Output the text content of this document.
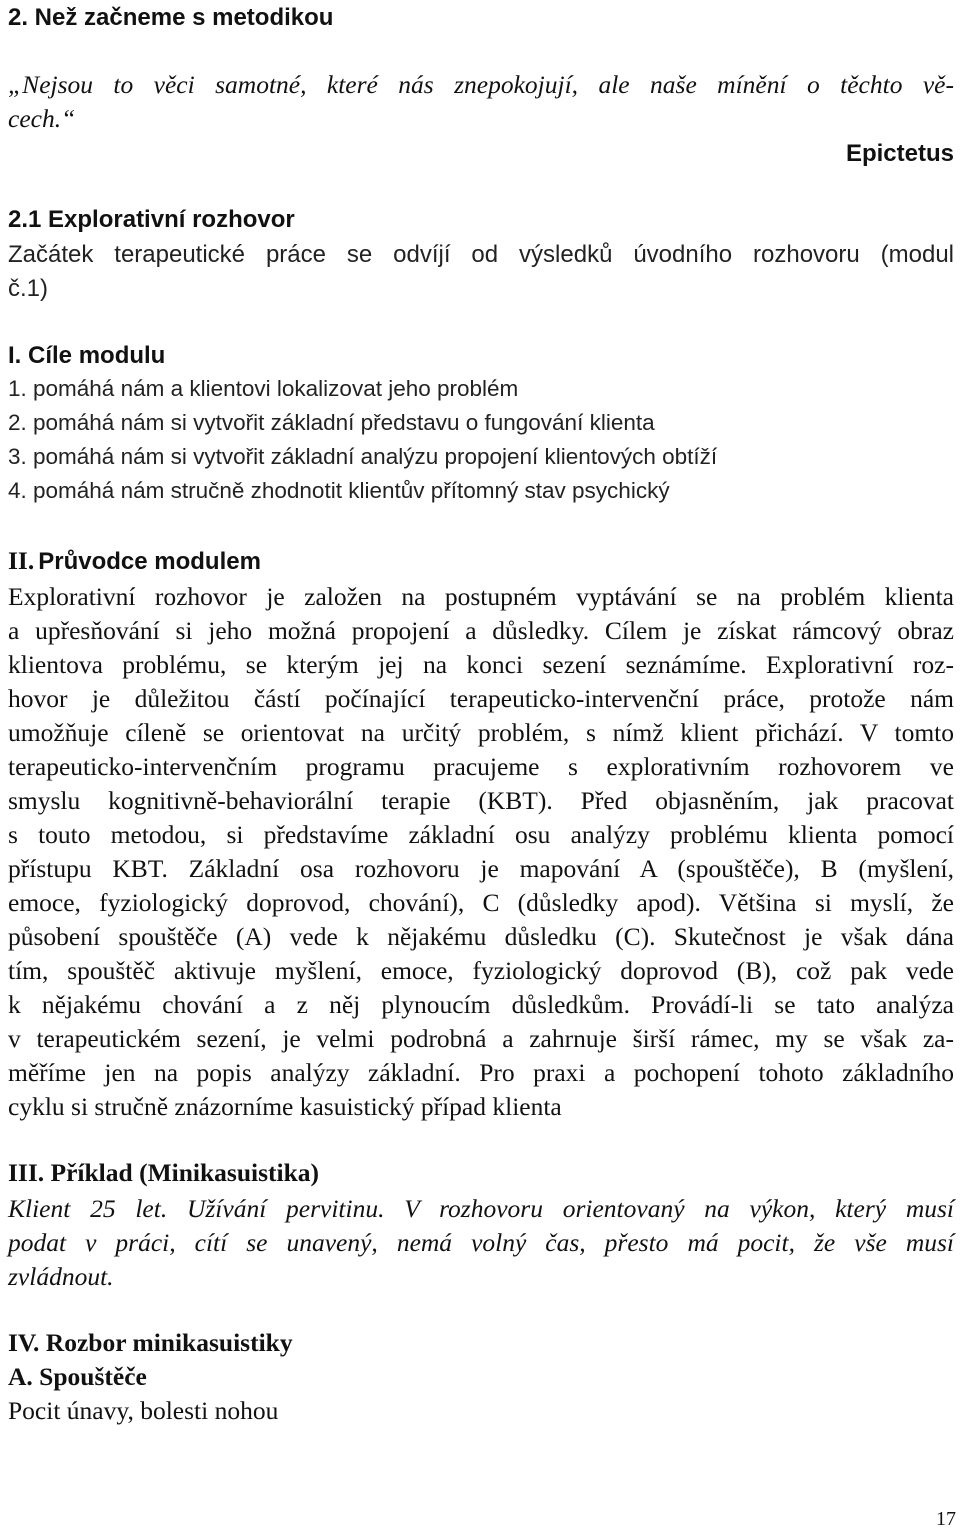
2. Než začneme s metodikou
„Nejsou to věci samotné, které nás znepokojují, ale naše mínění o těchto vě-
cech.“
Epictetus
2.1 Explorativní rozhovor
Začátek terapeutické práce se odvíjí od výsledků úvodního rozhovoru (modul
č.1)
I. Cíle modulu
1. pomáhá nám a klientovi lokalizovat jeho problém
2. pomáhá nám si vytvořit základní představu o fungování klienta
3. pomáhá nám si vytvořit základní analýzu propojení klientových obtíží
4. pomáhá nám stručně zhodnotit klientův přítomný stav psychický
II. Průvodce modulem
Explorativní rozhovor je založen na postupném vyptávání se na problém klienta
a upřesňování si jeho možná propojení a důsledky. Cílem je získat rámcový obraz
klientova problému, se kterým jej na konci sezení seznámíme. Explorativní roz-
hovor je důležitou částí počínající terapeuticko-intervenční práce, protože nám
umožňuje cíleně se orientovat na určitý problém, s nímž klient přichází. V tomto
terapeuticko-intervenčním programu pracujeme s explorativním rozhovorem ve
smyslu kognitivně-behaviorální terapie (KBT). Před objasněním, jak pracovat
s touto metodou, si představíme základní osu analýzy problému klienta pomocí
přístupu KBT. Základní osa rozhovoru je mapování A (spouštěče), B (myšlení,
emoce, fyziologický doprovod, chování), C (důsledky apod). Většina si myslí, že
působení spouštěče (A) vede k nějakému důsledku (C). Skutečnost je však dána
tím, spouštěč aktivuje myšlení, emoce, fyziologický doprovod (B), což pak vede
k nějakému chování a z něj plynoucím důsledkům. Provádí-li se tato analýza
v terapeutickém sezení, je velmi podrobná a zahrnuje širší rámec, my se však za-
měříme jen na popis analýzy základní. Pro praxi a pochopení tohoto základního
cyklu si stručně znázorníme kasuistický případ klienta
III. Příklad (Minikasuistika)
Klient 25 let. Užívání pervitinu. V rozhovoru orientovaný na výkon, který musí
podat v práci, cítí se unavený, nemá volný čas, přesto má pocit, že vše musí
zvládnout.
IV. Rozbor minikasuistiky
A. Spouštěče
Pocit únavy, bolesti nohou
17
